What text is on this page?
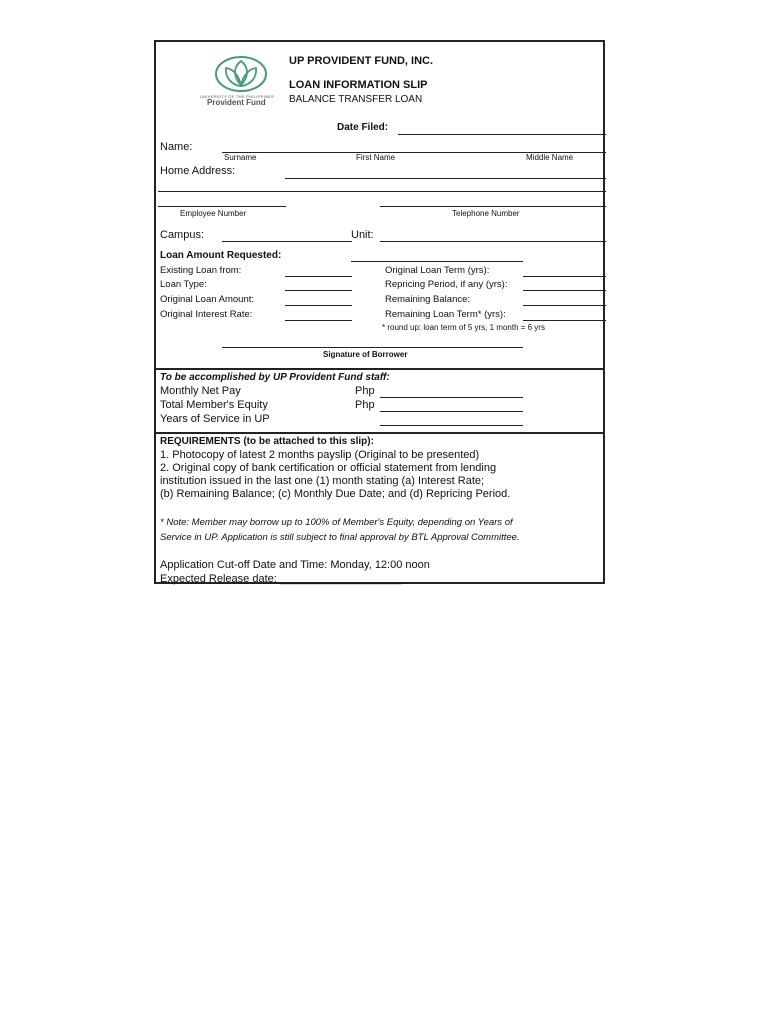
UNIVERSITY OF THE PHILIPPINES
Provident Fund
UP PROVIDENT FUND, INC.
LOAN INFORMATION SLIP
BALANCE TRANSFER LOAN
Date Filed:
Name:
Surname	First Name	Middle Name
Home Address:
Employee Number	Telephone Number
Campus:	Unit:
Loan Amount Requested:
Existing Loan from:
Loan Type:
Original Loan Amount:
Original Interest Rate:
Original Loan Term (yrs):
Repricing Period, if any (yrs):
Remaining Balance:
Remaining Loan Term* (yrs):
* round up: loan term of 5 yrs, 1 month = 6 yrs
Signature of Borrower
To be accomplished by UP Provident Fund staff:
Monthly Net Pay	Php
Total Member's Equity	Php
Years of Service in UP
REQUIREMENTS (to be attached to this slip):
1. Photocopy of latest 2 months payslip (Original to be presented)
2. Original copy of bank certification or official statement from lending
institution issued in the last one (1) month stating (a) Interest Rate;
(b) Remaining Balance; (c) Monthly Due Date; and (d) Repricing Period.
* Note: Member may borrow up to 100% of Member's Equity, depending on Years of
Service in UP. Application is still subject to final approval by BTL Approval Committee.
Application Cut-off Date and Time: Monday, 12:00 noon
Expected Release date: ____________________
